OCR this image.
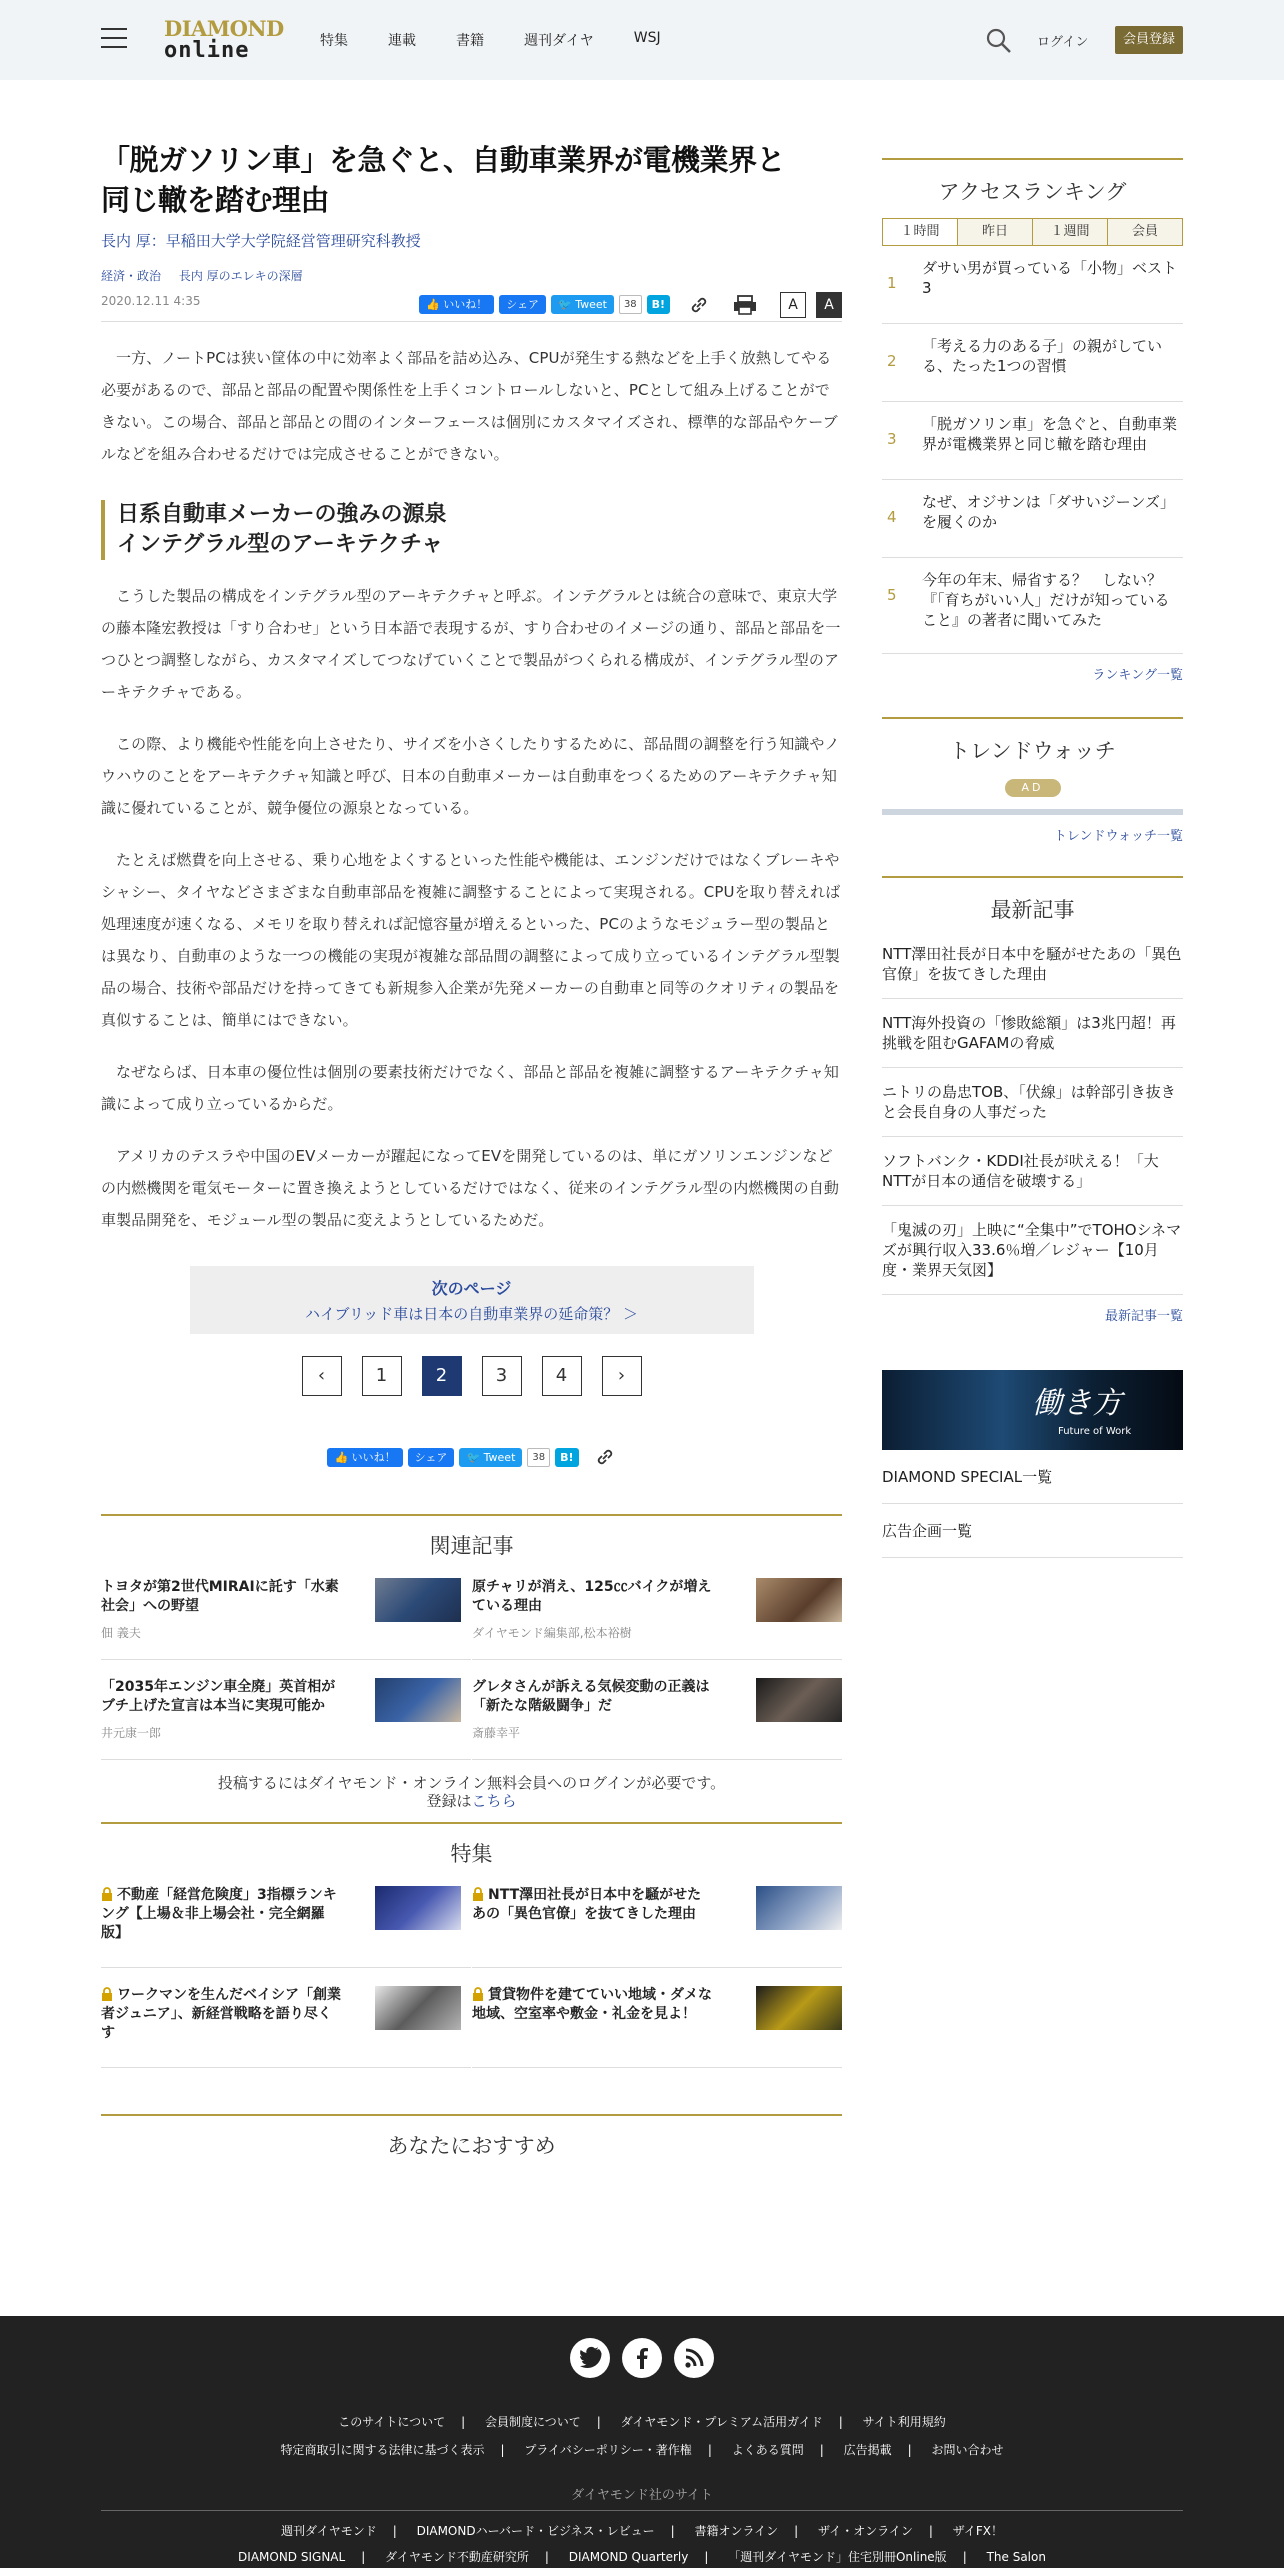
DIAMOND
online	特集	連載	書籍	週刊ダイヤ	WSJ	ログイン	会員登録
「脱ガソリン車」を急ぐと、自動車業界が電機業界と
同じ轍を踏む理由
長内 厚：早稲田大学大学院経営管理研究科教授
経済・政治 長内 厚のエレキの深層
2020.12.11 4:35	👍 いいね！	シェア	🐦 Tweet	38	B!	A	A

一方、ノートPCは狭い筐体の中に効率よく部品を詰め込み、CPUが発生する熱などを上手く放熱してやる必要があるので、部品と部品の配置や関係性を上手くコントロールしないと、PCとして組み上げることができない。この場合、部品と部品との間のインターフェースは個別にカスタマイズされ、標準的な部品やケーブルなどを組み合わせるだけでは完成させることができない。

日系自動車メーカーの強みの源泉
インテグラル型のアーキテクチャ

こうした製品の構成をインテグラル型のアーキテクチャと呼ぶ。インテグラルとは統合の意味で、東京大学の藤本隆宏教授は「すり合わせ」という日本語で表現するが、すり合わせのイメージの通り、部品と部品を一つひとつ調整しながら、カスタマイズしてつなげていくことで製品がつくられる構成が、インテグラル型のアーキテクチャである。

この際、より機能や性能を向上させたり、サイズを小さくしたりするために、部品間の調整を行う知識やノウハウのことをアーキテクチャ知識と呼び、日本の自動車メーカーは自動車をつくるためのアーキテクチャ知識に優れていることが、競争優位の源泉となっている。

たとえば燃費を向上させる、乗り心地をよくするといった性能や機能は、エンジンだけではなくブレーキやシャシー、タイヤなどさまざまな自動車部品を複雑に調整することによって実現される。CPUを取り替えれば処理速度が速くなる、メモリを取り替えれば記憶容量が増えるといった、PCのようなモジュラー型の製品とは異なり、自動車のような一つの機能の実現が複雑な部品間の調整によって成り立っているインテグラル型製品の場合、技術や部品だけを持ってきても新規参入企業が先発メーカーの自動車と同等のクオリティの製品を真似することは、簡単にはできない。

なぜならば、日本車の優位性は個別の要素技術だけでなく、部品と部品を複雑に調整するアーキテクチャ知識によって成り立っているからだ。

アメリカのテスラや中国のEVメーカーが躍起になってEVを開発しているのは、単にガソリンエンジンなどの内燃機関を電気モーターに置き換えようとしているだけではなく、従来のインテグラル型の内燃機関の自動車製品開発を、モジュール型の製品に変えようとしているためだ。

次のページ
ハイブリッド車は日本の自動車業界の延命策？ ＞
‹	1	2	3	4	›
👍 いいね！	シェア	🐦 Tweet	38	B!
関連記事
トヨタが第2世代MIRAIに託す「水素社会」への野望
佃 義夫
原チャリが消え、125㏄バイクが増えている理由
ダイヤモンド編集部,松本裕樹
「2035年エンジン車全廃」英首相がブチ上げた宣言は本当に実現可能か
井元康一郎
グレタさんが訴える気候変動の正義は「新たな階級闘争」だ
斎藤幸平
投稿するにはダイヤモンド・オンライン無料会員へのログインが必要です。
登録はこちら
特集
不動産「経営危険度」3指標ランキング【上場＆非上場会社・完全網羅版】
NTT澤田社長が日本中を騒がせたあの「異色官僚」を抜てきした理由
ワークマンを生んだベイシア「創業者ジュニア」、新経営戦略を語り尽くす
賃貸物件を建てていい地域・ダメな地域、空室率や敷金・礼金を見よ！
あなたにおすすめ
アクセスランキング
１時間	昨日	１週間	会員
1
ダサい男が買っている「小物」ベスト3
2
「考える力のある子」の親がしている、たった1つの習慣
3
「脱ガソリン車」を急ぐと、自動車業界が電機業界と同じ轍を踏む理由
4
なぜ、オジサンは「ダサいジーンズ」を履くのか
5
今年の年末、帰省する？　しない？『「育ちがいい人」だけが知っていること』の著者に聞いてみた
ランキング一覧
トレンドウォッチ
AD
トレンドウォッチ一覧
最新記事
NTT澤田社長が日本中を騒がせたあの「異色官僚」を抜てきした理由
NTT海外投資の「惨敗総額」は3兆円超！再挑戦を阻むGAFAMの脅威
ニトリの島忠TOB、「伏線」は幹部引き抜きと会長自身の人事だった
ソフトバンク・KDDI社長が吠える！「大NTTが日本の通信を破壊する」
「鬼滅の刃」上映に“全集中”でTOHOシネマズが興行収入33.6％増／レジャー【10月度・業界天気図】
最新記事一覧
働き方
Future of Work
DIAMOND SPECIAL一覧
広告企画一覧
このサイトについて | 会員制度について | ダイヤモンド・プレミアム活用ガイド | サイト利用規約
特定商取引に関する法律に基づく表示 | プライバシーポリシー・著作権 | よくある質問 | 広告掲載 | お問い合わせ
ダイヤモンド社のサイト
週刊ダイヤモンド | DIAMONDハーバード・ビジネス・レビュー | 書籍オンライン | ザイ・オンライン | ザイFX！
DIAMOND SIGNAL | ダイヤモンド不動産研究所 | DIAMOND Quarterly | 「週刊ダイヤモンド」住宅別冊Online版 | The Salon
